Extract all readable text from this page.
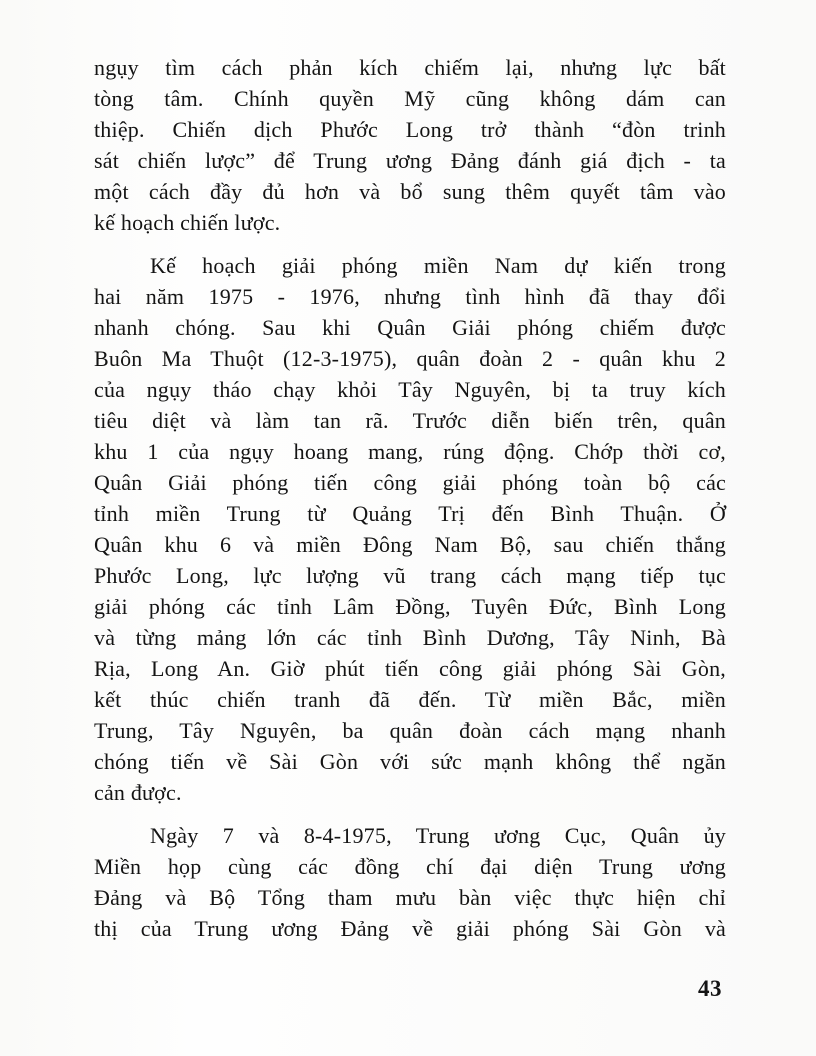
ngụy tìm cách phản kích chiếm lại, nhưng lực bất
tòng tâm. Chính quyền Mỹ cũng không dám can
thiệp. Chiến dịch Phước Long trở thành “đòn trinh
sát chiến lược” để Trung ương Đảng đánh giá địch - ta
một cách đầy đủ hơn và bổ sung thêm quyết tâm vào
kế hoạch chiến lược.
Kế hoạch giải phóng miền Nam dự kiến trong
hai năm 1975 - 1976, nhưng tình hình đã thay đổi
nhanh chóng. Sau khi Quân Giải phóng chiếm được
Buôn Ma Thuột (12-3-1975), quân đoàn 2 - quân khu 2
của ngụy tháo chạy khỏi Tây Nguyên, bị ta truy kích
tiêu diệt và làm tan rã. Trước diễn biến trên, quân
khu 1 của ngụy hoang mang, rúng động. Chớp thời cơ,
Quân Giải phóng tiến công giải phóng toàn bộ các
tỉnh miền Trung từ Quảng Trị đến Bình Thuận. Ở
Quân khu 6 và miền Đông Nam Bộ, sau chiến thắng
Phước Long, lực lượng vũ trang cách mạng tiếp tục
giải phóng các tỉnh Lâm Đồng, Tuyên Đức, Bình Long
và từng mảng lớn các tỉnh Bình Dương, Tây Ninh, Bà
Rịa, Long An. Giờ phút tiến công giải phóng Sài Gòn,
kết thúc chiến tranh đã đến. Từ miền Bắc, miền
Trung, Tây Nguyên, ba quân đoàn cách mạng nhanh
chóng tiến về Sài Gòn với sức mạnh không thể ngăn
cản được.
Ngày 7 và 8-4-1975, Trung ương Cục, Quân ủy
Miền họp cùng các đồng chí đại diện Trung ương
Đảng và Bộ Tổng tham mưu bàn việc thực hiện chỉ
thị của Trung ương Đảng về giải phóng Sài Gòn và
43
